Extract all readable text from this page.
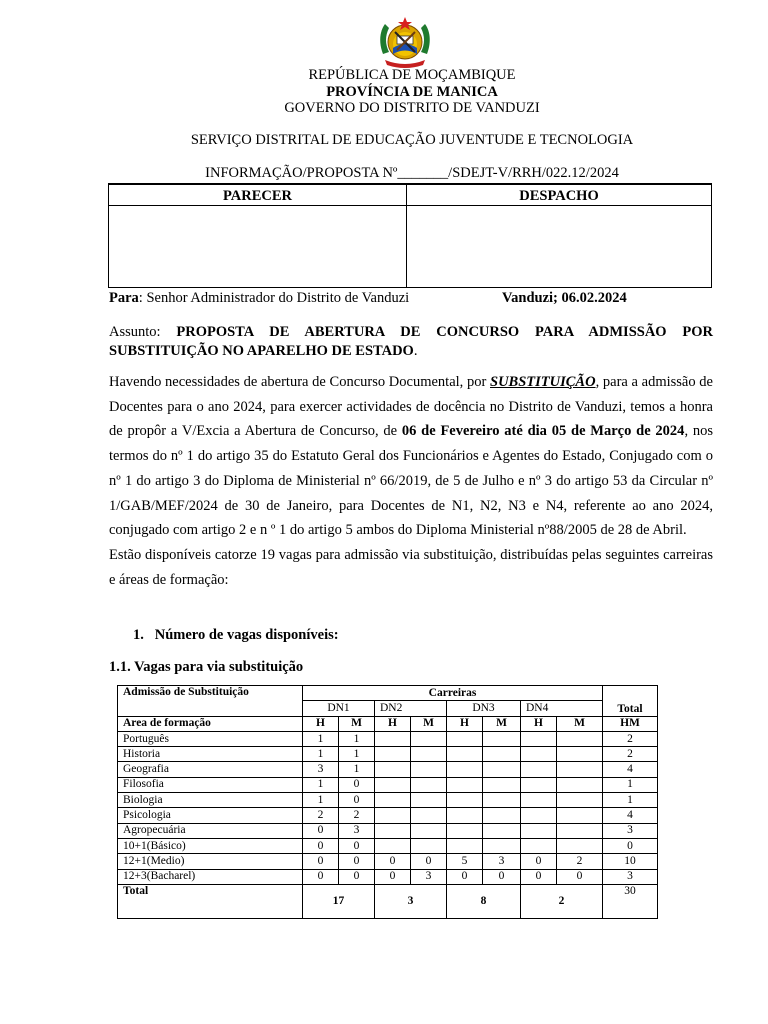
REPÚBLICA DE MOÇAMBIQUE
PROVÍNCIA DE MANICA
GOVERNO DO DISTRITO DE VANDUZI
SERVIÇO DISTRITAL DE EDUCAÇÃO JUVENTUDE E TECNOLOGIA
INFORMAÇÃO/PROPOSTA Nº_______/SDEJT-V/RRH/022.12/2024
PARECER	DESPACHO
Para: Senhor Administrador do Distrito de Vanduzi	Vanduzi; 06.02.2024
Assunto: PROPOSTA DE ABERTURA DE CONCURSO PARA ADMISSÃO POR
SUBSTITUIÇÃO NO APARELHO DE ESTADO.

Havendo necessidades de abertura de Concurso Documental, por SUBSTITUIÇÃO, para a admissão de Docentes para o ano 2024, para exercer actividades de docência no Distrito de Vanduzi, temos a honra de propôr a V/Excia a Abertura de Concurso, de 06 de Fevereiro até dia 05 de Março de 2024, nos termos do nº 1 do artigo 35 do Estatuto Geral dos Funcionários e Agentes do Estado, Conjugado com o nº 1 do artigo 3 do Diploma de Ministerial nº 66/2019, de 5 de Julho e nº 3 do artigo 53 da Circular nº 1/GAB/MEF/2024 de 30 de Janeiro, para Docentes de N1, N2, N3 e N4, referente ao ano 2024, conjugado com artigo 2 e n º 1 do artigo 5 ambos do Diploma Ministerial nº88/2005 de 28 de Abril.

Estão disponíveis catorze 19 vagas para admissão via substituição, distribuídas pelas seguintes carreiras e áreas de formação:

1. Número de vagas disponíveis:
1.1. Vagas para via substituição
Admissão de Substituição	Carreiras								Total
	DN1		DN2		DN3		DN4		
Area de formação	H	M	H	M	H	M	H	M	HM
Português	1	1							2
Historia	1	1							2
Geografia	3	1							4
Filosofia	1	0							1
Biologia	1	0							1
Psicologia	2	2							4
Agropecuária	0	3							3
10+1(Básico)	0	0							0
12+1(Medio)	0	0	0	0	5	3	0	2	10
12+3(Bacharel)	0	0	0	3	0	0	0	0	3
Total	17		3		8		2		30
